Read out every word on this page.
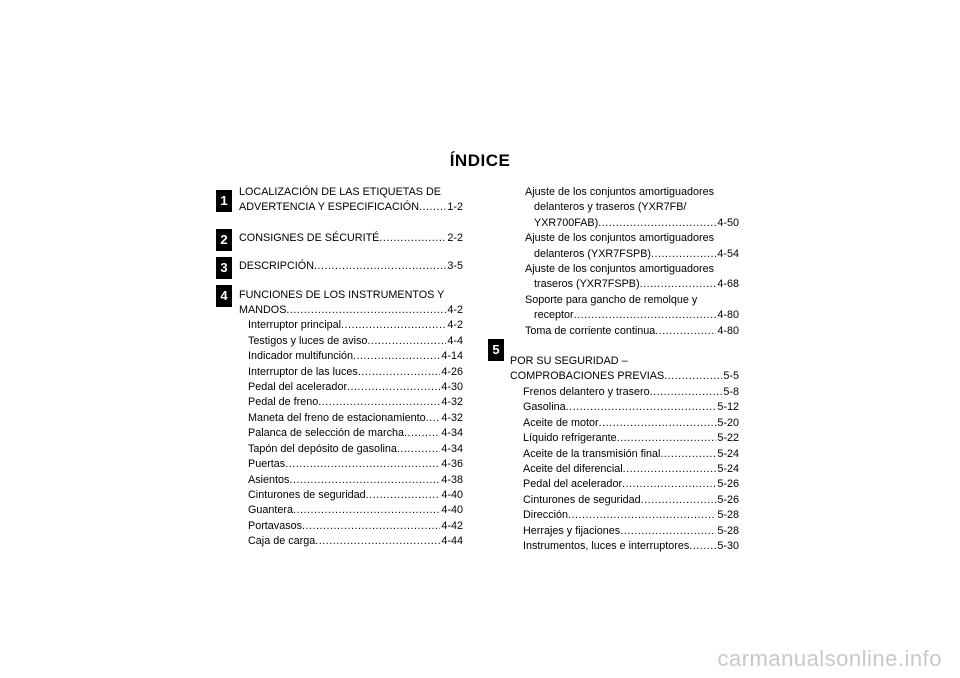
ÍNDICE
1
2
3
4
5
LOCALIZACIÓN DE LAS ETIQUETAS DE
ADVERTENCIA Y ESPECIFICACIÓN .....	1-2
CONSIGNES DE SÉCURITÉ .....	2-2
DESCRIPCIÓN .....	3-5
FUNCIONES DE LOS INSTRUMENTOS Y
MANDOS .....	4-2
Interruptor principal .....	4-2
Testigos y luces de aviso .....	4-4
Indicador multifunción .....	4-14
Interruptor de las luces .....	4-26
Pedal del acelerador .....	4-30
Pedal de freno .....	4-32
Maneta del freno de estacionamiento ..... 4-32
Palanca de selección de marcha .....	4-34
Tapón del depósito de gasolina .....	4-34
Puertas .....	4-36
Asientos .....	4-38
Cinturones de seguridad .....	4-40
Guantera .....	4-40
Portavasos .....	4-42
Caja de carga .....	4-44
Ajuste de los conjuntos amortiguadores
delanteros y traseros (YXR7FB/
YXR700FAB) .....	4-50
Ajuste de los conjuntos amortiguadores
delanteros (YXR7FSPB) .....	4-54
Ajuste de los conjuntos amortiguadores
traseros (YXR7FSPB) .....	4-68
Soporte para gancho de remolque y
receptor .....	4-80
Toma de corriente continua .....	4-80
POR SU SEGURIDAD –
COMPROBACIONES PREVIAS .....	5-5
Frenos delantero y trasero .....	5-8
Gasolina .....	5-12
Aceite de motor .....	5-20
Líquido refrigerante .....	5-22
Aceite de la transmisión final .....	5-24
Aceite del diferencial .....	5-24
Pedal del acelerador .....	5-26
Cinturones de seguridad .....	5-26
Dirección .....	5-28
Herrajes y fijaciones .....	5-28
Instrumentos, luces e interruptores .....	5-30
carmanualsonline.info
